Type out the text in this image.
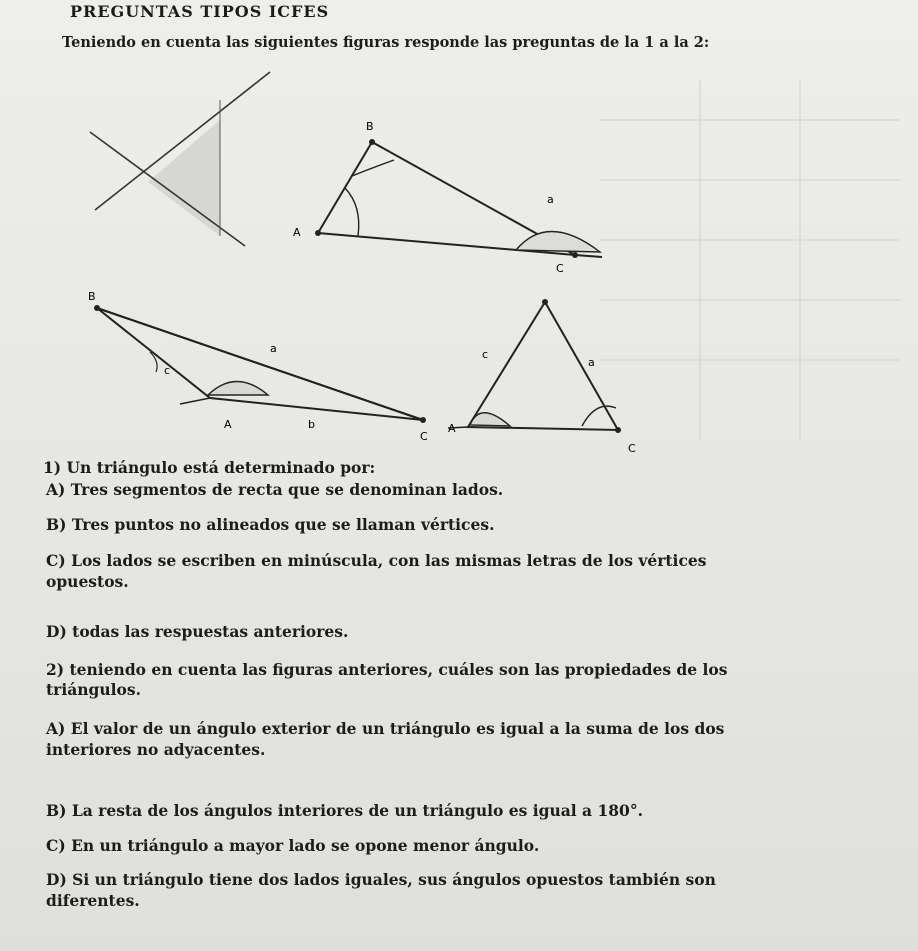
PREGUNTAS TIPOS ICFES
Teniendo en cuenta las siguientes figuras responde las preguntas de la 1 a la 2:
B
a
A
C
B
a
c
A	b
C
c
a
A
C
1) Un triángulo está determinado por:
A) Tres segmentos de recta que se denominan lados.
B) Tres puntos no alineados que se llaman vértices.
C) Los lados se escriben en minúscula, con las mismas letras de los vértices
opuestos.
D) todas las respuestas anteriores.
2) teniendo en cuenta las figuras anteriores, cuáles son las propiedades de los
triángulos.
A) El valor de un ángulo exterior de un triángulo es igual a la suma de los dos
interiores no adyacentes.
B) La resta de los ángulos interiores de un triángulo es igual a 180°.
C) En un triángulo a mayor lado se opone menor ángulo.
D) Si un triángulo tiene dos lados iguales, sus ángulos opuestos también son
diferentes.
